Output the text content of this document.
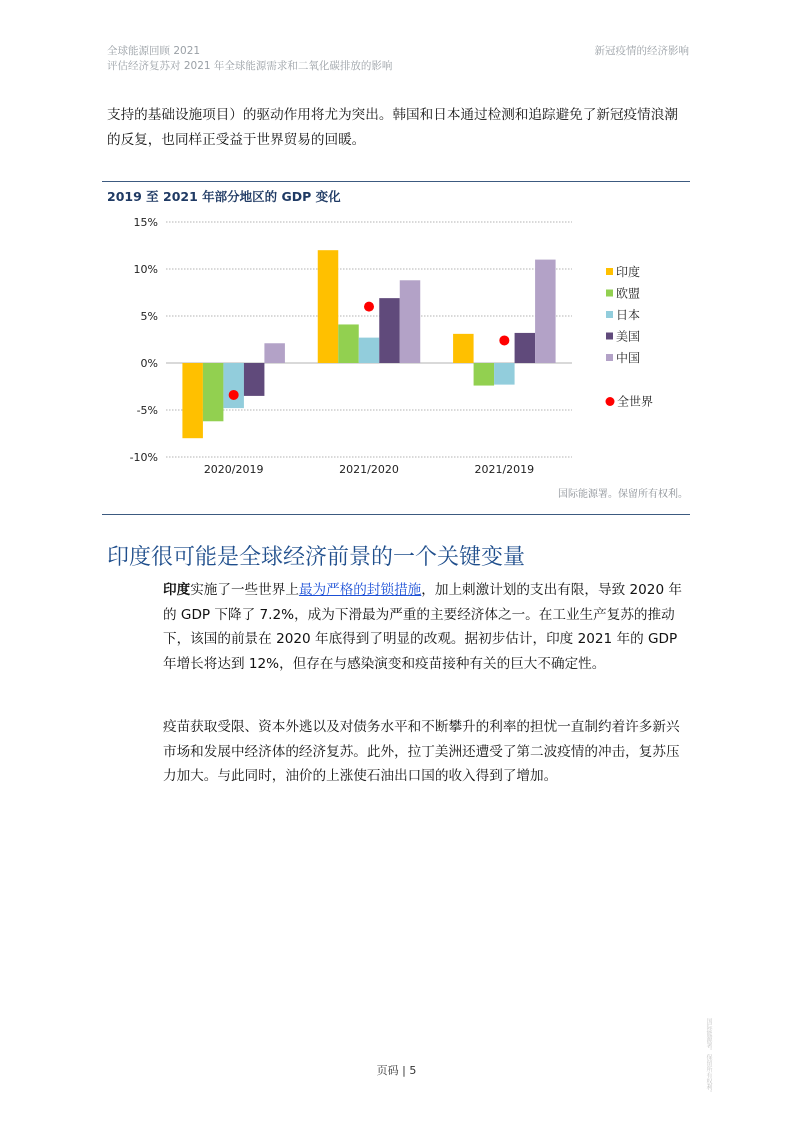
全球能源回顾 2021
评估经济复苏对 2021 年全球能源需求和二氧化碳排放的影响
新冠疫情的经济影响

支持的基础设施项目）的驱动作用将尤为突出。韩国和日本通过检测和追踪避免了新冠疫情浪潮的反复，也同样正受益于世界贸易的回暖。

2019 至 2021 年部分地区的 GDP 变化
15%
10%
5%
0%
-5%
-10%
2020/2019	2021/2020	2021/2019
印度
欧盟
日本
美国
中国
全世界
国际能源署。保留所有权利。
印度很可能是全球经济前景的一个关键变量

印度实施了一些世界上最为严格的封锁措施，加上刺激计划的支出有限，导致 2020 年的 GDP 下降了 7.2%，成为下滑最为严重的主要经济体之一。在工业生产复苏的推动下，该国的前景在 2020 年底得到了明显的改观。据初步估计，印度 2021 年的 GDP 年增长将达到 12%，但存在与感染演变和疫苗接种有关的巨大不确定性。

疫苗获取受限、资本外逃以及对债务水平和不断攀升的利率的担忧一直制约着许多新兴市场和发展中经济体的经济复苏。此外，拉丁美洲还遭受了第二波疫情的冲击，复苏压力加大。与此同时，油价的上涨使石油出口国的收入得到了增加。

页码 | 5	国际能源署。保留所有权利。
